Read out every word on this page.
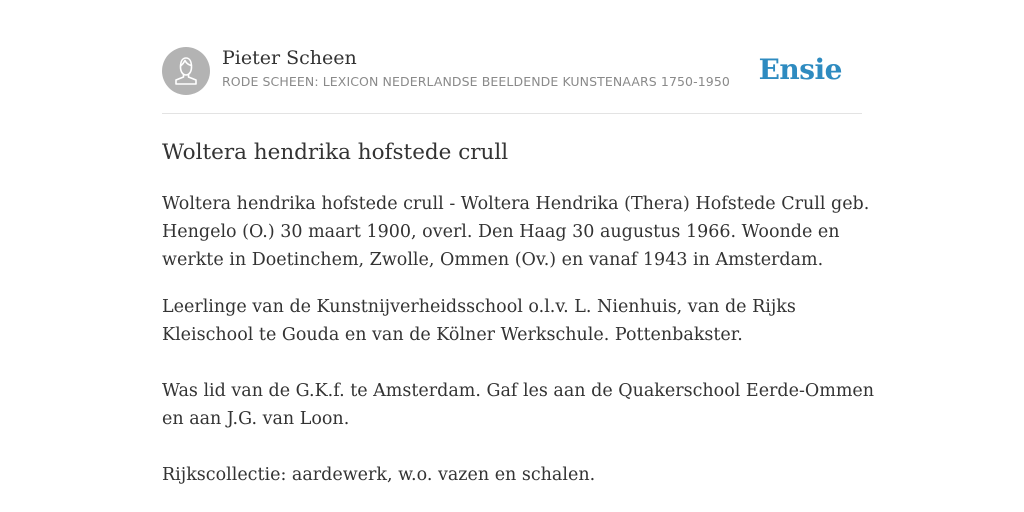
Pieter Scheen
RODE SCHEEN: LEXICON NEDERLANDSE BEELDENDE KUNSTENAARS 1750-1950 Ensie
Woltera hendrika hofstede crull
Woltera hendrika hofstede crull - Woltera Hendrika (Thera) Hofstede Crull geb.
Hengelo (O.) 30 maart 1900, overl. Den Haag 30 augustus 1966. Woonde en
werkte in Doetinchem, Zwolle, Ommen (Ov.) en vanaf 1943 in Amsterdam.
Leerlinge van de Kunstnijverheidsschool o.l.v. L. Nienhuis, van de Rijks
Kleischool te Gouda en van de Kölner Werkschule. Pottenbakster.
Was lid van de G.K.f. te Amsterdam. Gaf les aan de Quakerschool Eerde-Ommen
en aan J.G. van Loon.
Rijkscollectie: aardewerk, w.o. vazen en schalen.
